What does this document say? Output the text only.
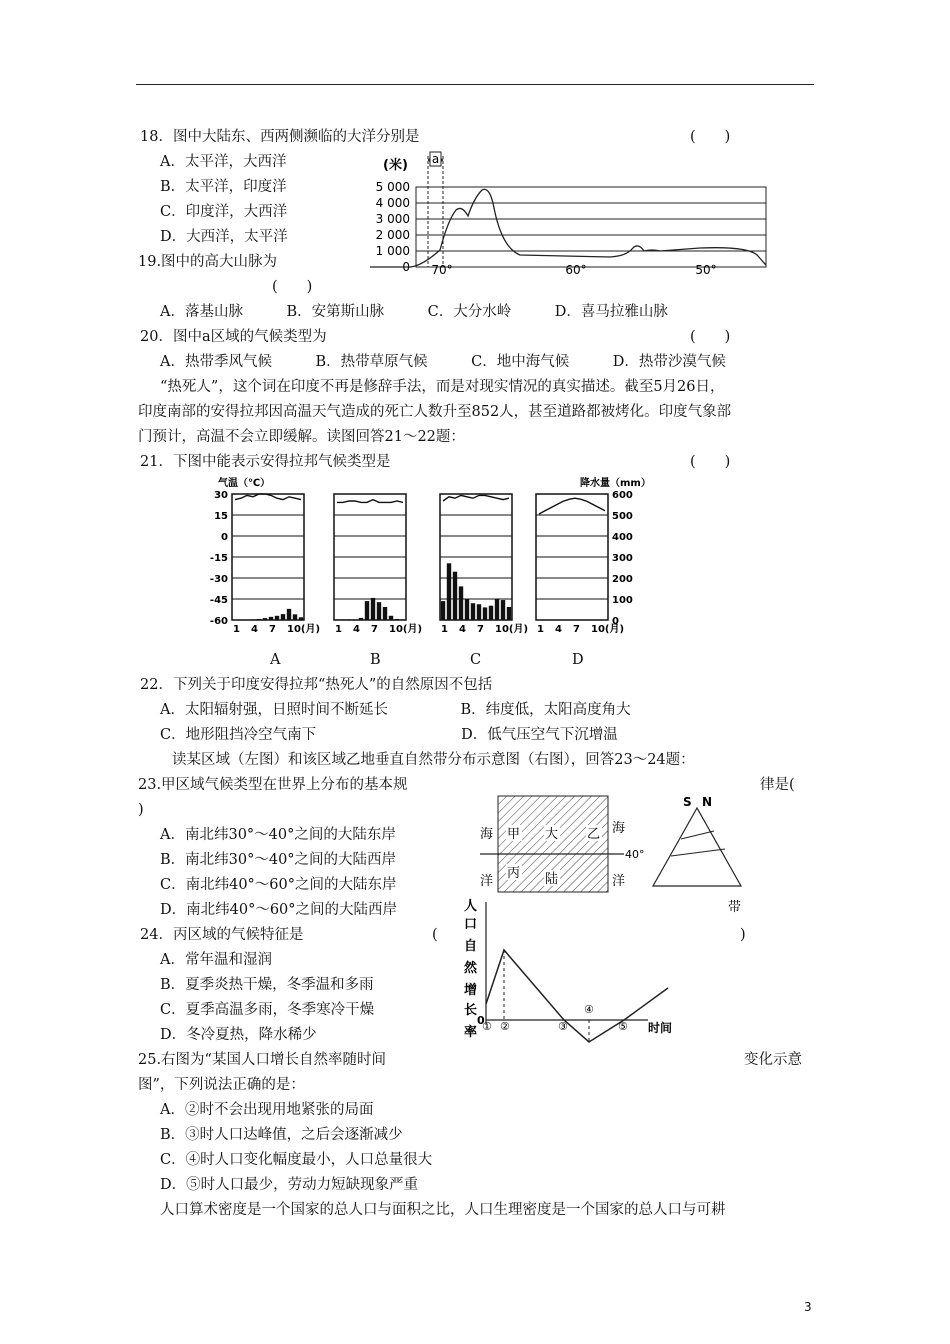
18．图中大陆东、西两侧濒临的大洋分别是	(　　)
A．太平洋，大西洋
B．太平洋，印度洋
C．印度洋，大西洋
D．大西洋，太平洋
19.图中的高大山脉为
(　　)
A．落基山脉　　　B．安第斯山脉　　　C．大分水岭　　　D．喜马拉雅山脉
20．图中a区域的气候类型为	(　　)
A．热带季风气候　　　B．热带草原气候　　　C．地中海气候　　　D．热带沙漠气候
“热死人”，这个词在印度不再是修辞手法，而是对现实情况的真实描述。截至5月26日，
印度南部的安得拉邦因高温天气造成的死亡人数升至852人，甚至道路都被烤化。印度气象部
门预计，高温不会立即缓解。读图回答21～22题：
21．下图中能表示安得拉邦气候类型是	(　　)
A	B	C	D
22．下列关于印度安得拉邦“热死人”的自然原因不包括
A．太阳辐射强，日照时间不断延长　　　　　B．纬度低，太阳高度角大
C．地形阻挡冷空气南下　　　　　　　　　　D．低气压空气下沉增温
读某区域（左图）和该区域乙地垂直自然带分布示意图（右图），回答23～24题：
23.甲区域气候类型在世界上分布的基本规	律是(
)
A．南北纬30°～40°之间的大陆东岸
B．南北纬30°～40°之间的大陆西岸
C．南北纬40°～60°之间的大陆东岸
D．南北纬40°～60°之间的大陆西岸
24．丙区域的气候特征是	(	)
A．常年温和湿润
B．夏季炎热干燥，冬季温和多雨
C．夏季高温多雨，冬季寒冷干燥
D．冬冷夏热，降水稀少
25.右图为“某国人口增长自然率随时间	变化示意
图”，下列说法正确的是：
A．②时不会出现用地紧张的局面
B．③时人口达峰值，之后会逐渐减少
C．④时人口变化幅度最小，人口总量很大
D．⑤时人口最少，劳动力短缺现象严重
人口算术密度是一个国家的总人口与面积之比，人口生理密度是一个国家的总人口与可耕
(米)
5 000
4 000
3 000
2 000
1 000
0
a
70°	60°	50°
气温（℃）	降水量（mm）
30
15
0
-15
-30
-45
-60
600
500
400
300
200
100
0
1 4 7 10(月) 1 4 7 10(月) 1 4 7 10(月) 1 4 7 10(月)
海 甲 大 乙 海
丙 陆
洋	洋
40°
S N
带
人
口
自
然
增
长
率
0
时间
① ②	③
④
⑤
3
